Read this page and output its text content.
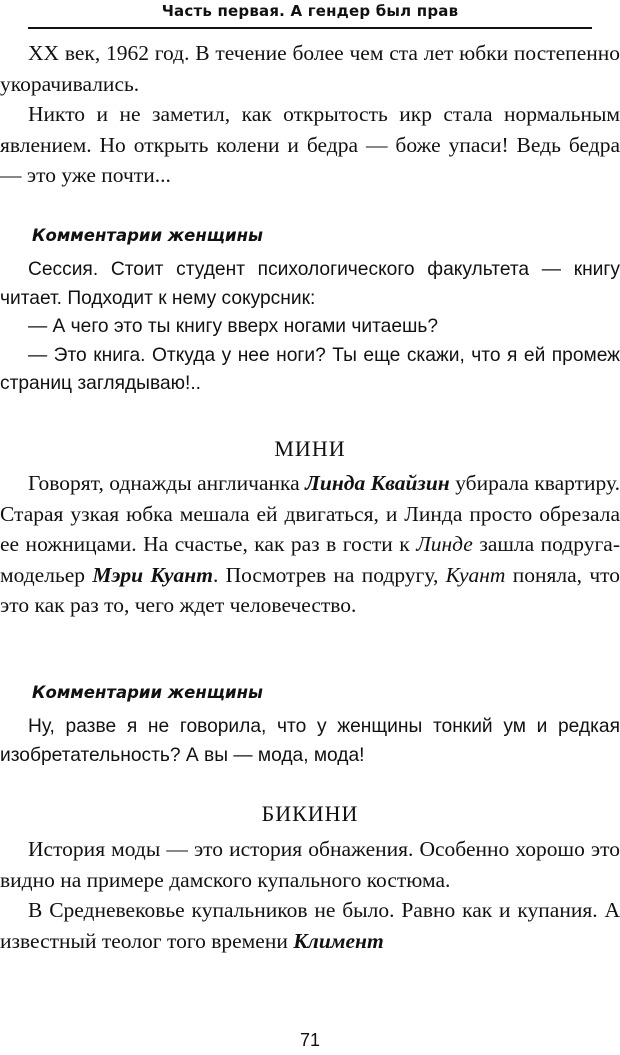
Часть первая. А гендер был прав

XX век, 1962 год. В течение более чем ста лет юбки постепенно укорачивались.

Никто и не заметил, как открытость икр стала нормальным явлением. Но открыть колени и бедра — боже упаси! Ведь бедра — это уже почти...

Комментарии женщины

Сессия. Стоит студент психологического факультета — книгу читает. Подходит к нему сокурсник:

— А чего это ты книгу вверх ногами читаешь?

— Это книга. Откуда у нее ноги? Ты еще скажи, что я ей промеж страниц заглядываю!..

МИНИ

Говорят, однажды англичанка Линда Квайзин убирала квартиру. Старая узкая юбка мешала ей двигаться, и Линда просто обрезала ее ножницами. На счастье, как раз в гости к Линде зашла подруга-модельер Мэри Куант. Посмотрев на подругу, Куант поняла, что это как раз то, чего ждет человечество.

Комментарии женщины

Ну, разве я не говорила, что у женщины тонкий ум и редкая изобретательность? А вы — мода, мода!

БИКИНИ

История моды — это история обнажения. Особенно хорошо это видно на примере дамского купального костюма.

В Средневековье купальников не было. Равно как и купания. А известный теолог того времени Климент

71
